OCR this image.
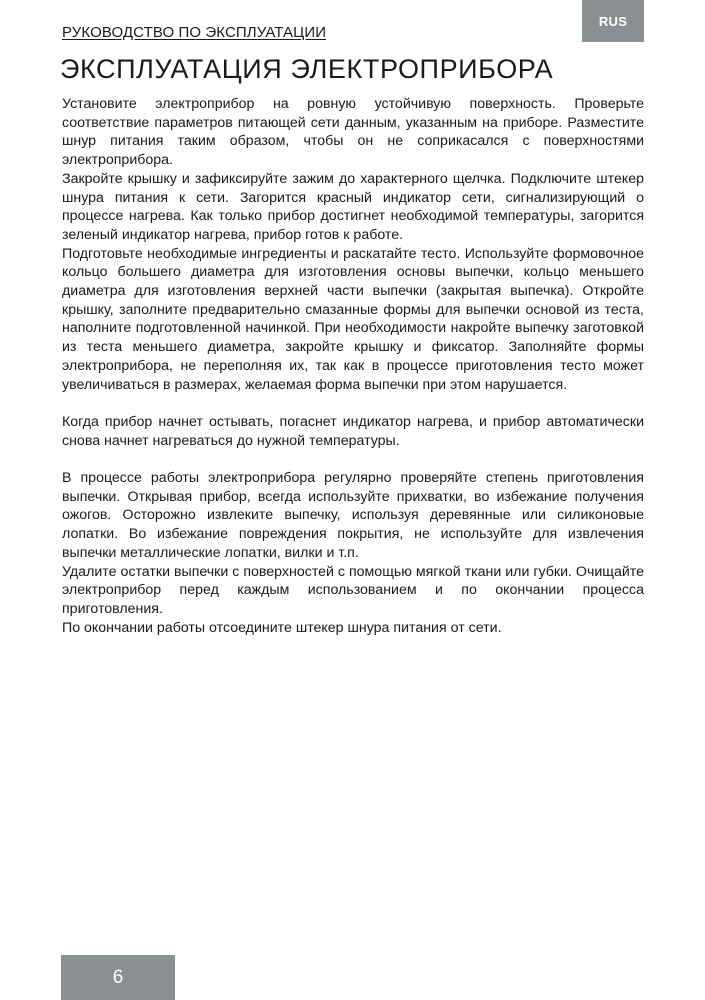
RUS
РУКОВОДСТВО ПО ЭКСПЛУАТАЦИИ
ЭКСПЛУАТАЦИЯ ЭЛЕКТРОПРИБОРА

Установите электроприбор на ровную устойчивую поверхность. Проверьте соответствие параметров питающей сети данным, указанным на приборе. Разместите шнур питания таким образом, чтобы он не соприкасался с поверхностями электроприбора.

Закройте крышку и зафиксируйте зажим до характерного щелчка. Подключите штекер шнура питания к сети. Загорится красный индикатор сети, сигнализирующий о процессе нагрева. Как только прибор достигнет необходимой температуры, загорится зеленый индикатор нагрева, прибор готов к работе.

Подготовьте необходимые ингредиенты и раскатайте тесто. Используйте формовочное кольцо большего диаметра для изготовления основы выпечки, кольцо меньшего диаметра для изготовления верхней части выпечки (закрытая выпечка). Откройте крышку, заполните предварительно смазанные формы для выпечки основой из теста, наполните подготовленной начинкой. При необходимости накройте выпечку заготовкой из теста меньшего диаметра, закройте крышку и фиксатор. Заполняйте формы электроприбора, не переполняя их, так как в процессе приготовления тесто может увеличиваться в размерах, желаемая форма выпечки при этом нарушается.

Когда прибор начнет остывать, погаснет индикатор нагрева, и прибор автоматически снова начнет нагреваться до нужной температуры.

В процессе работы электроприбора регулярно проверяйте степень приготовления выпечки. Открывая прибор, всегда используйте прихватки, во избежание получения ожогов. Осторожно извлеките выпечку, используя деревянные или силиконовые лопатки. Во избежание повреждения покрытия, не используйте для извлечения выпечки металлические лопатки, вилки и т.п.

Удалите остатки выпечки с поверхностей с помощью мягкой ткани или губки. Очищайте электроприбор перед каждым использованием и по окончании процесса приготовления.

По окончании работы отсоедините штекер шнура питания от сети.

6
